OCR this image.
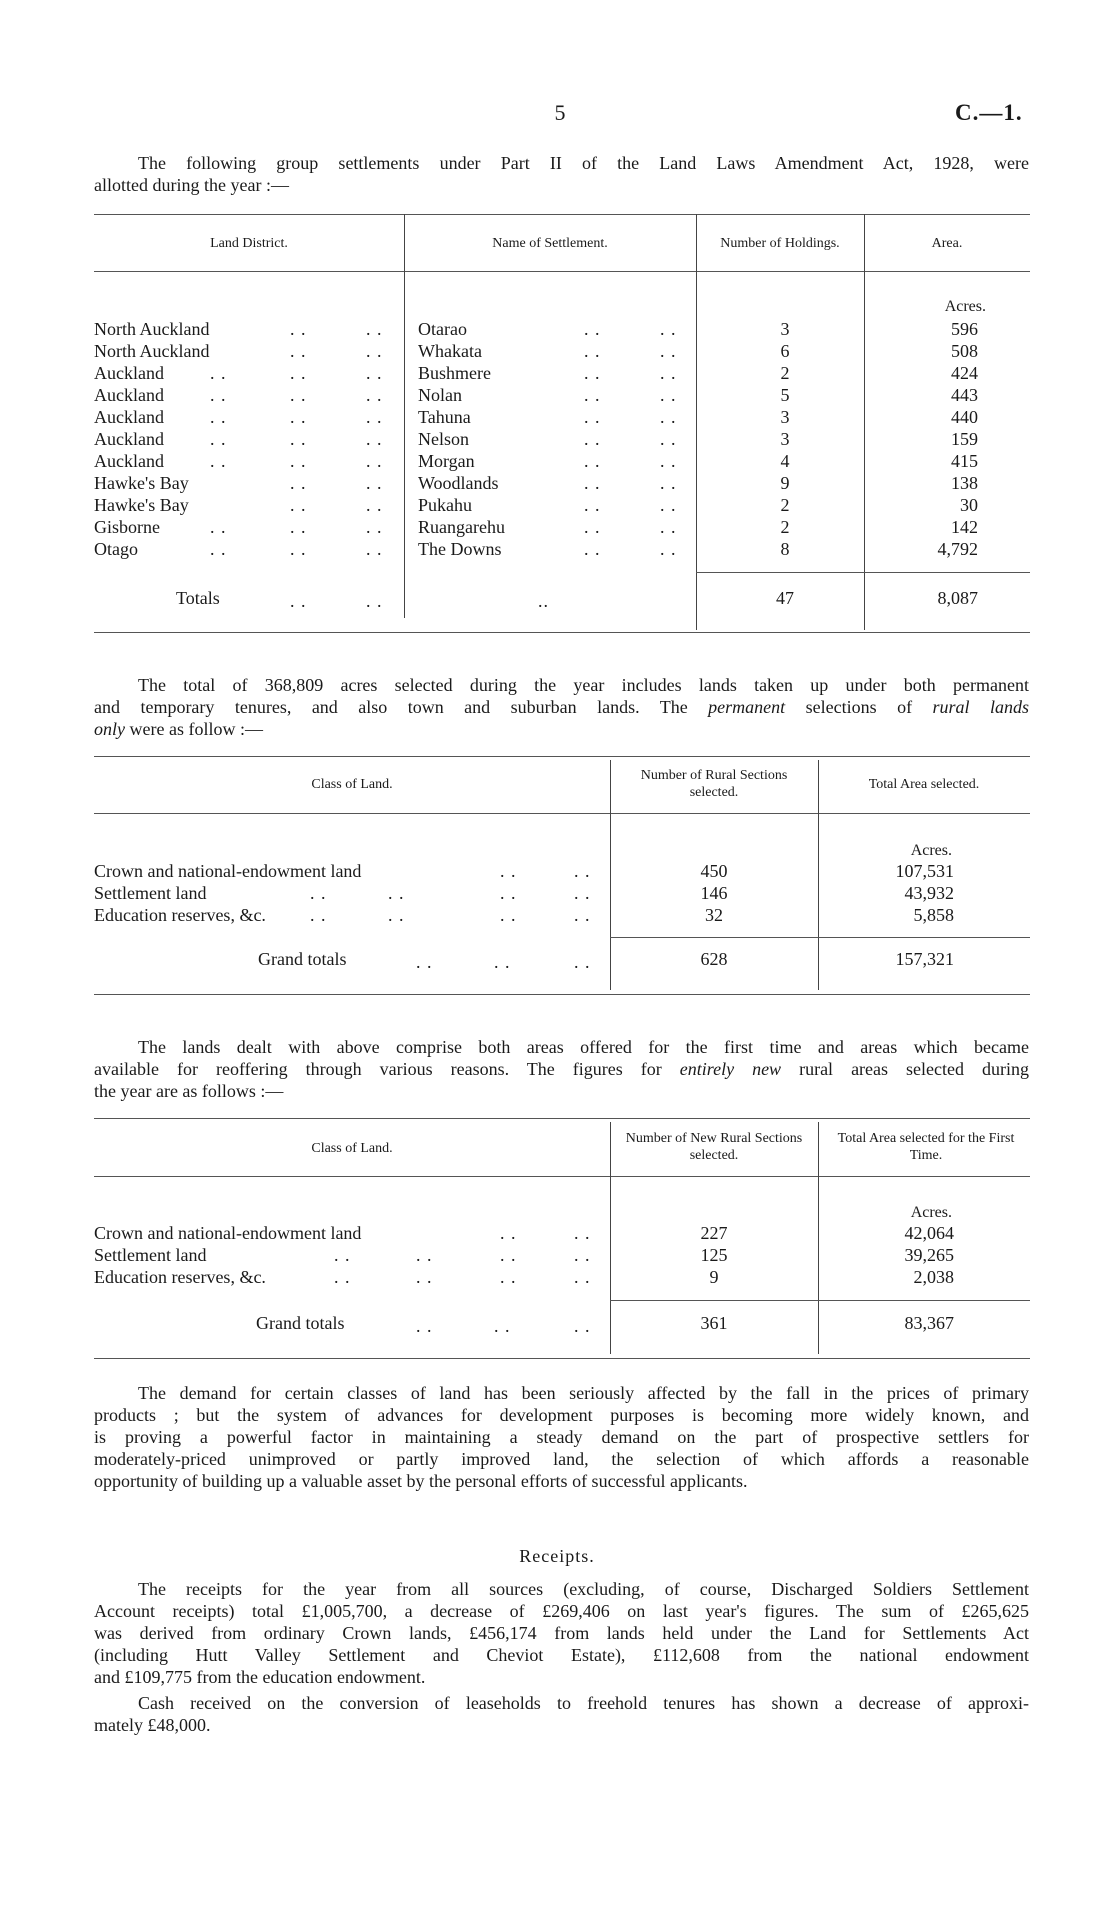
5	C.—1.
The following group settlements under Part II of the Land Laws Amendment Act, 1928, were
allotted during the year :—
Land District.	Name of Settlement.	Number of Holdings.	Area.
Acres.
North Auckland	. .	. . Otarao	. .	. .	3	596
North Auckland	. .	. . Whakata	. .	. .	6	508
Auckland	. .	. .	. . Bushmere	. .	. .	2	424
Auckland	. .	. .	. . Nolan	. .	. .	5	443
Auckland	. .	. .	. . Tahuna	. .	. .	3	440
Auckland	. .	. .	. . Nelson	. .	. .	3	159
Auckland	. .	. .	. . Morgan	. .	. .	4	415
Hawke's Bay	. .	. . Woodlands	. .	. .	9	138
Hawke's Bay	. .	. . Pukahu	. .	. .	2	30
Gisborne	. .	. .	. . Ruangarehu	. .	. .	2	142
Otago	. .	. .	. . The Downs	. .	. .	8	4,792
Totals	. .	. .	..	47	8,087
The total of 368,809 acres selected during the year includes lands taken up under both permanent
and temporary tenures, and also town and suburban lands. The permanent selections of rural lands
only were as follow :—
Class of Land.
Number of Rural Sections selected.
Total Area selected.
Acres.
Crown and national-endowment land	. .	. .	450	107,531
Settlement land	. .	. .	. .	. .	146	43,932
Education reserves, &c. . .	. .	. .	. .	32	5,858
Grand totals	. .	. .	. .	628	157,321
The lands dealt with above comprise both areas offered for the first time and areas which became
available for reoffering through various reasons. The figures for entirely new rural areas selected during
the year are as follows :—
Class of Land.
Number of New Rural Sections selected.
Total Area selected for the First Time.
Acres.
Crown and national-endowment land	. .	. .	227	42,064
Settlement land	. .	. .	. .	. .	125	39,265
Education reserves, &c.	. .	. .	. .	. .	9	2,038
Grand totals	. .	. .	. .	361	83,367
The demand for certain classes of land has been seriously affected by the fall in the prices of primary
products ; but the system of advances for development purposes is becoming more widely known, and
is proving a powerful factor in maintaining a steady demand on the part of prospective settlers for
moderately-priced unimproved or partly improved land, the selection of which affords a reasonable
opportunity of building up a valuable asset by the personal efforts of successful applicants.
Receipts.
The receipts for the year from all sources (excluding, of course, Discharged Soldiers Settlement
Account receipts) total £1,005,700, a decrease of £269,406 on last year's figures. The sum of £265,625
was derived from ordinary Crown lands, £456,174 from lands held under the Land for Settlements Act
(including Hutt Valley Settlement and Cheviot Estate), £112,608 from the national endowment
and £109,775 from the education endowment.
Cash received on the conversion of leaseholds to freehold tenures has shown a decrease of approxi-
mately £48,000.
